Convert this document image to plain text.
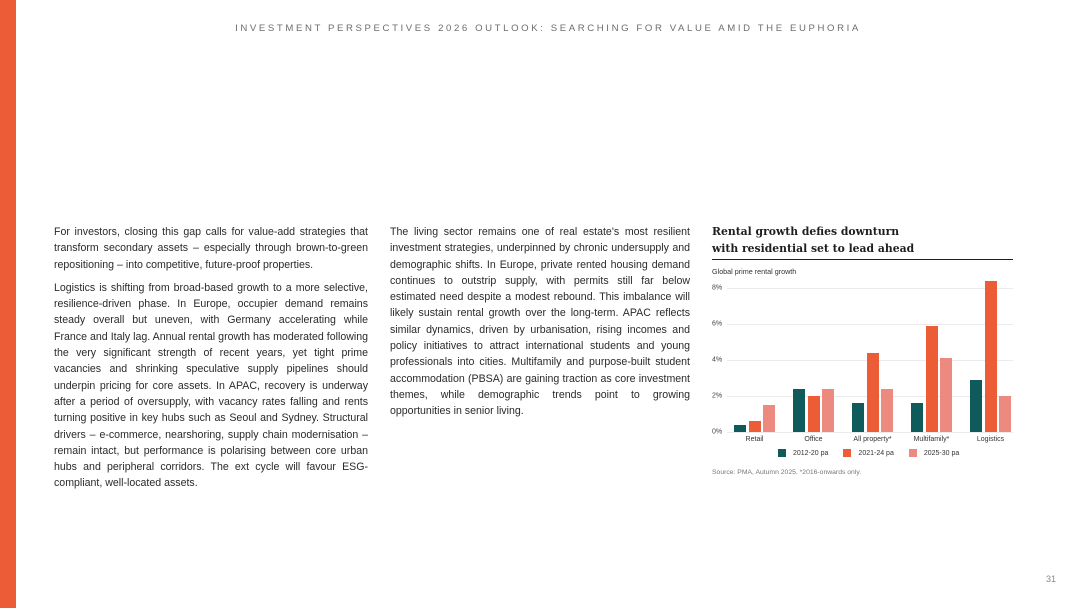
INVESTMENT PERSPECTIVES 2026 OUTLOOK: SEARCHING FOR VALUE AMID THE EUPHORIA

For investors, closing this gap calls for value-add strategies that transform secondary assets – especially through brown-to-green repositioning – into competitive, future-proof properties.

Logistics is shifting from broad-based growth to a more selective, resilience-driven phase. In Europe, occupier demand remains steady overall but uneven, with Germany accelerating while France and Italy lag. Annual rental growth has moderated following the very significant strength of recent years, yet tight prime vacancies and shrinking speculative supply pipelines should underpin pricing for core assets. In APAC, recovery is underway after a period of oversupply, with vacancy rates falling and rents turning positive in key hubs such as Seoul and Sydney. Structural drivers – e-commerce, nearshoring, supply chain modernisation – remain intact, but performance is polarising between core urban hubs and peripheral corridors. The ext cycle will favour ESG-compliant, well-located assets.

The living sector remains one of real estate's most resilient investment strategies, underpinned by chronic undersupply and demographic shifts. In Europe, private rented housing demand continues to outstrip supply, with permits still far below estimated need despite a modest rebound. This imbalance will likely sustain rental growth over the long-term. APAC reflects similar dynamics, driven by urbanisation, rising incomes and policy initiatives to attract international students and young professionals into cities. Multifamily and purpose-built student accommodation (PBSA) are gaining traction as core investment themes, while demographic trends point to growing opportunities in senior living.

Rental growth defies downturn
with residential set to lead ahead
Global prime rental growth
0%
2%
4%
6%
8%
Retail	Office	All property*	Multifamily*	Logistics
2012-20 pa	2021-24 pa	2025-30 pa
Source: PMA, Autumn 2025. *2016-onwards only.
31
